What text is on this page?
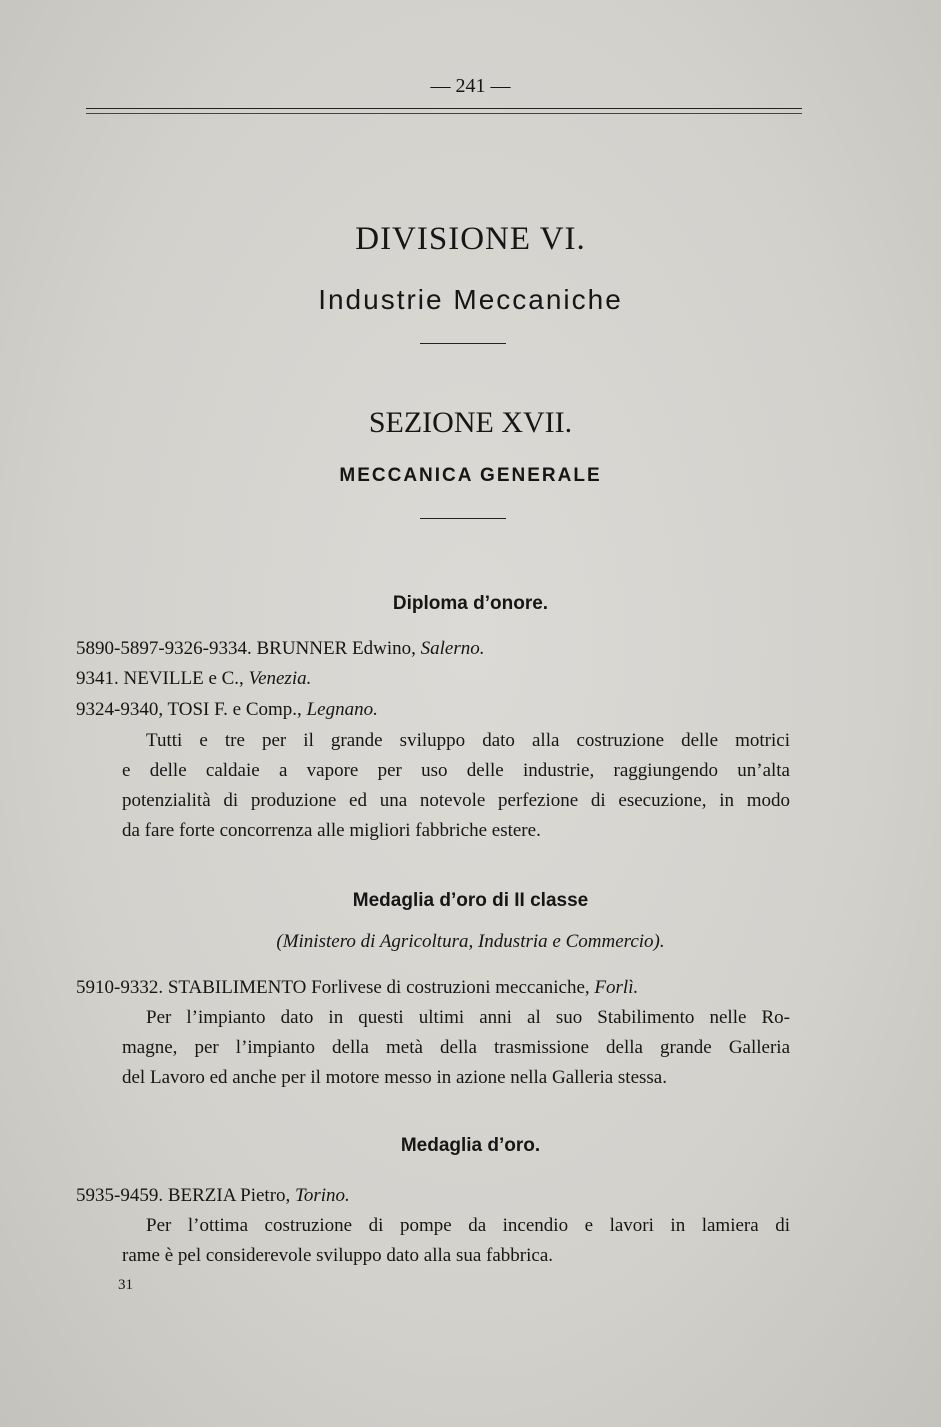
— 241 —
DIVISIONE VI.
Industrie Meccaniche
SEZIONE XVII.
MECCANICA GENERALE
Diploma d’onore.
5890-5897-9326-9334. BRUNNER Edwino, Salerno.
9341. NEVILLE e C., Venezia.
9324-9340, TOSI F. e Comp., Legnano.
Tutti e tre per il grande sviluppo dato alla costruzione delle motrici
e delle caldaie a vapore per uso delle industrie, raggiungendo un’alta
potenzialità di produzione ed una notevole perfezione di esecuzione, in modo
da fare forte concorrenza alle migliori fabbriche estere.
Medaglia d’oro di II classe
(Ministero di Agricoltura, Industria e Commercio).
5910-9332. STABILIMENTO Forlivese di costruzioni meccaniche, Forlì.
Per l’impianto dato in questi ultimi anni al suo Stabilimento nelle Ro-
magne, per l’impianto della metà della trasmissione della grande Galleria
del Lavoro ed anche per il motore messo in azione nella Galleria stessa.
Medaglia d’oro.
5935-9459. BERZIA Pietro, Torino.
Per l’ottima costruzione di pompe da incendio e lavori in lamiera di
rame è pel considerevole sviluppo dato alla sua fabbrica.
31
